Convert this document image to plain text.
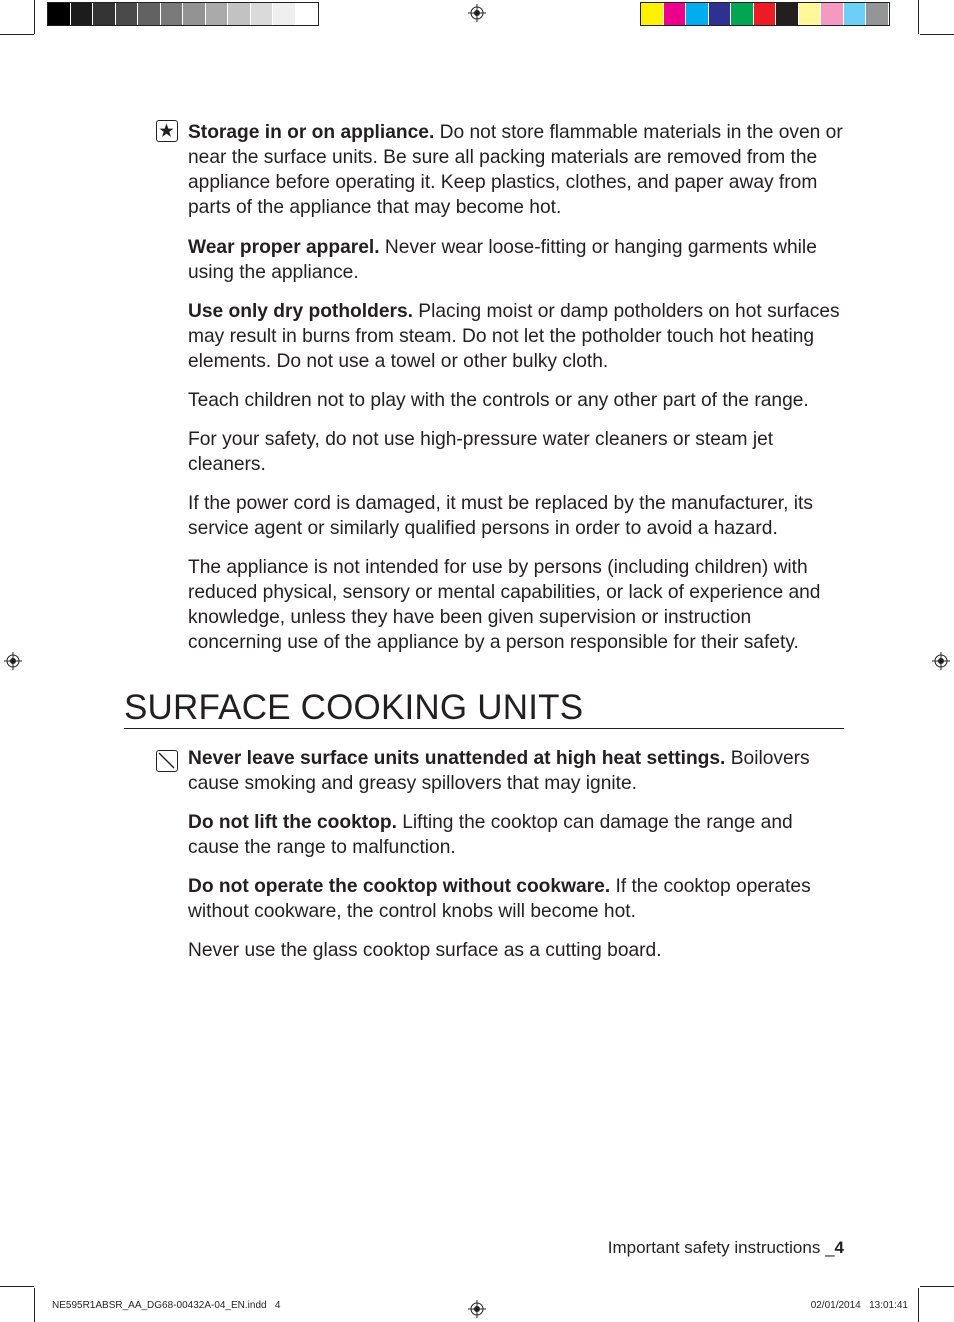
Storage in or on appliance. Do not store flammable materials in the oven or near the surface units. Be sure all packing materials are removed from the appliance before operating it. Keep plastics, clothes, and paper away from parts of the appliance that may become hot.

Wear proper apparel. Never wear loose-fitting or hanging garments while using the appliance.

Use only dry potholders. Placing moist or damp potholders on hot surfaces may result in burns from steam. Do not let the potholder touch hot heating elements. Do not use a towel or other bulky cloth.

Teach children not to play with the controls or any other part of the range.

For your safety, do not use high-pressure water cleaners or steam jet cleaners.

If the power cord is damaged, it must be replaced by the manufacturer, its service agent or similarly qualified persons in order to avoid a hazard.

The appliance is not intended for use by persons (including children) with reduced physical, sensory or mental capabilities, or lack of experience and knowledge, unless they have been given supervision or instruction concerning use of the appliance by a person responsible for their safety.

SURFACE COOKING UNITS

Never leave surface units unattended at high heat settings. Boilovers cause smoking and greasy spillovers that may ignite.

Do not lift the cooktop. Lifting the cooktop can damage the range and cause the range to malfunction.

Do not operate the cooktop without cookware. If the cooktop operates without cookware, the control knobs will become hot.

Never use the glass cooktop surface as a cutting board.

Important safety instructions _4
NE595R1ABSR_AA_DG68-00432A-04_EN.indd   4	02/01/2014   13:01:41
